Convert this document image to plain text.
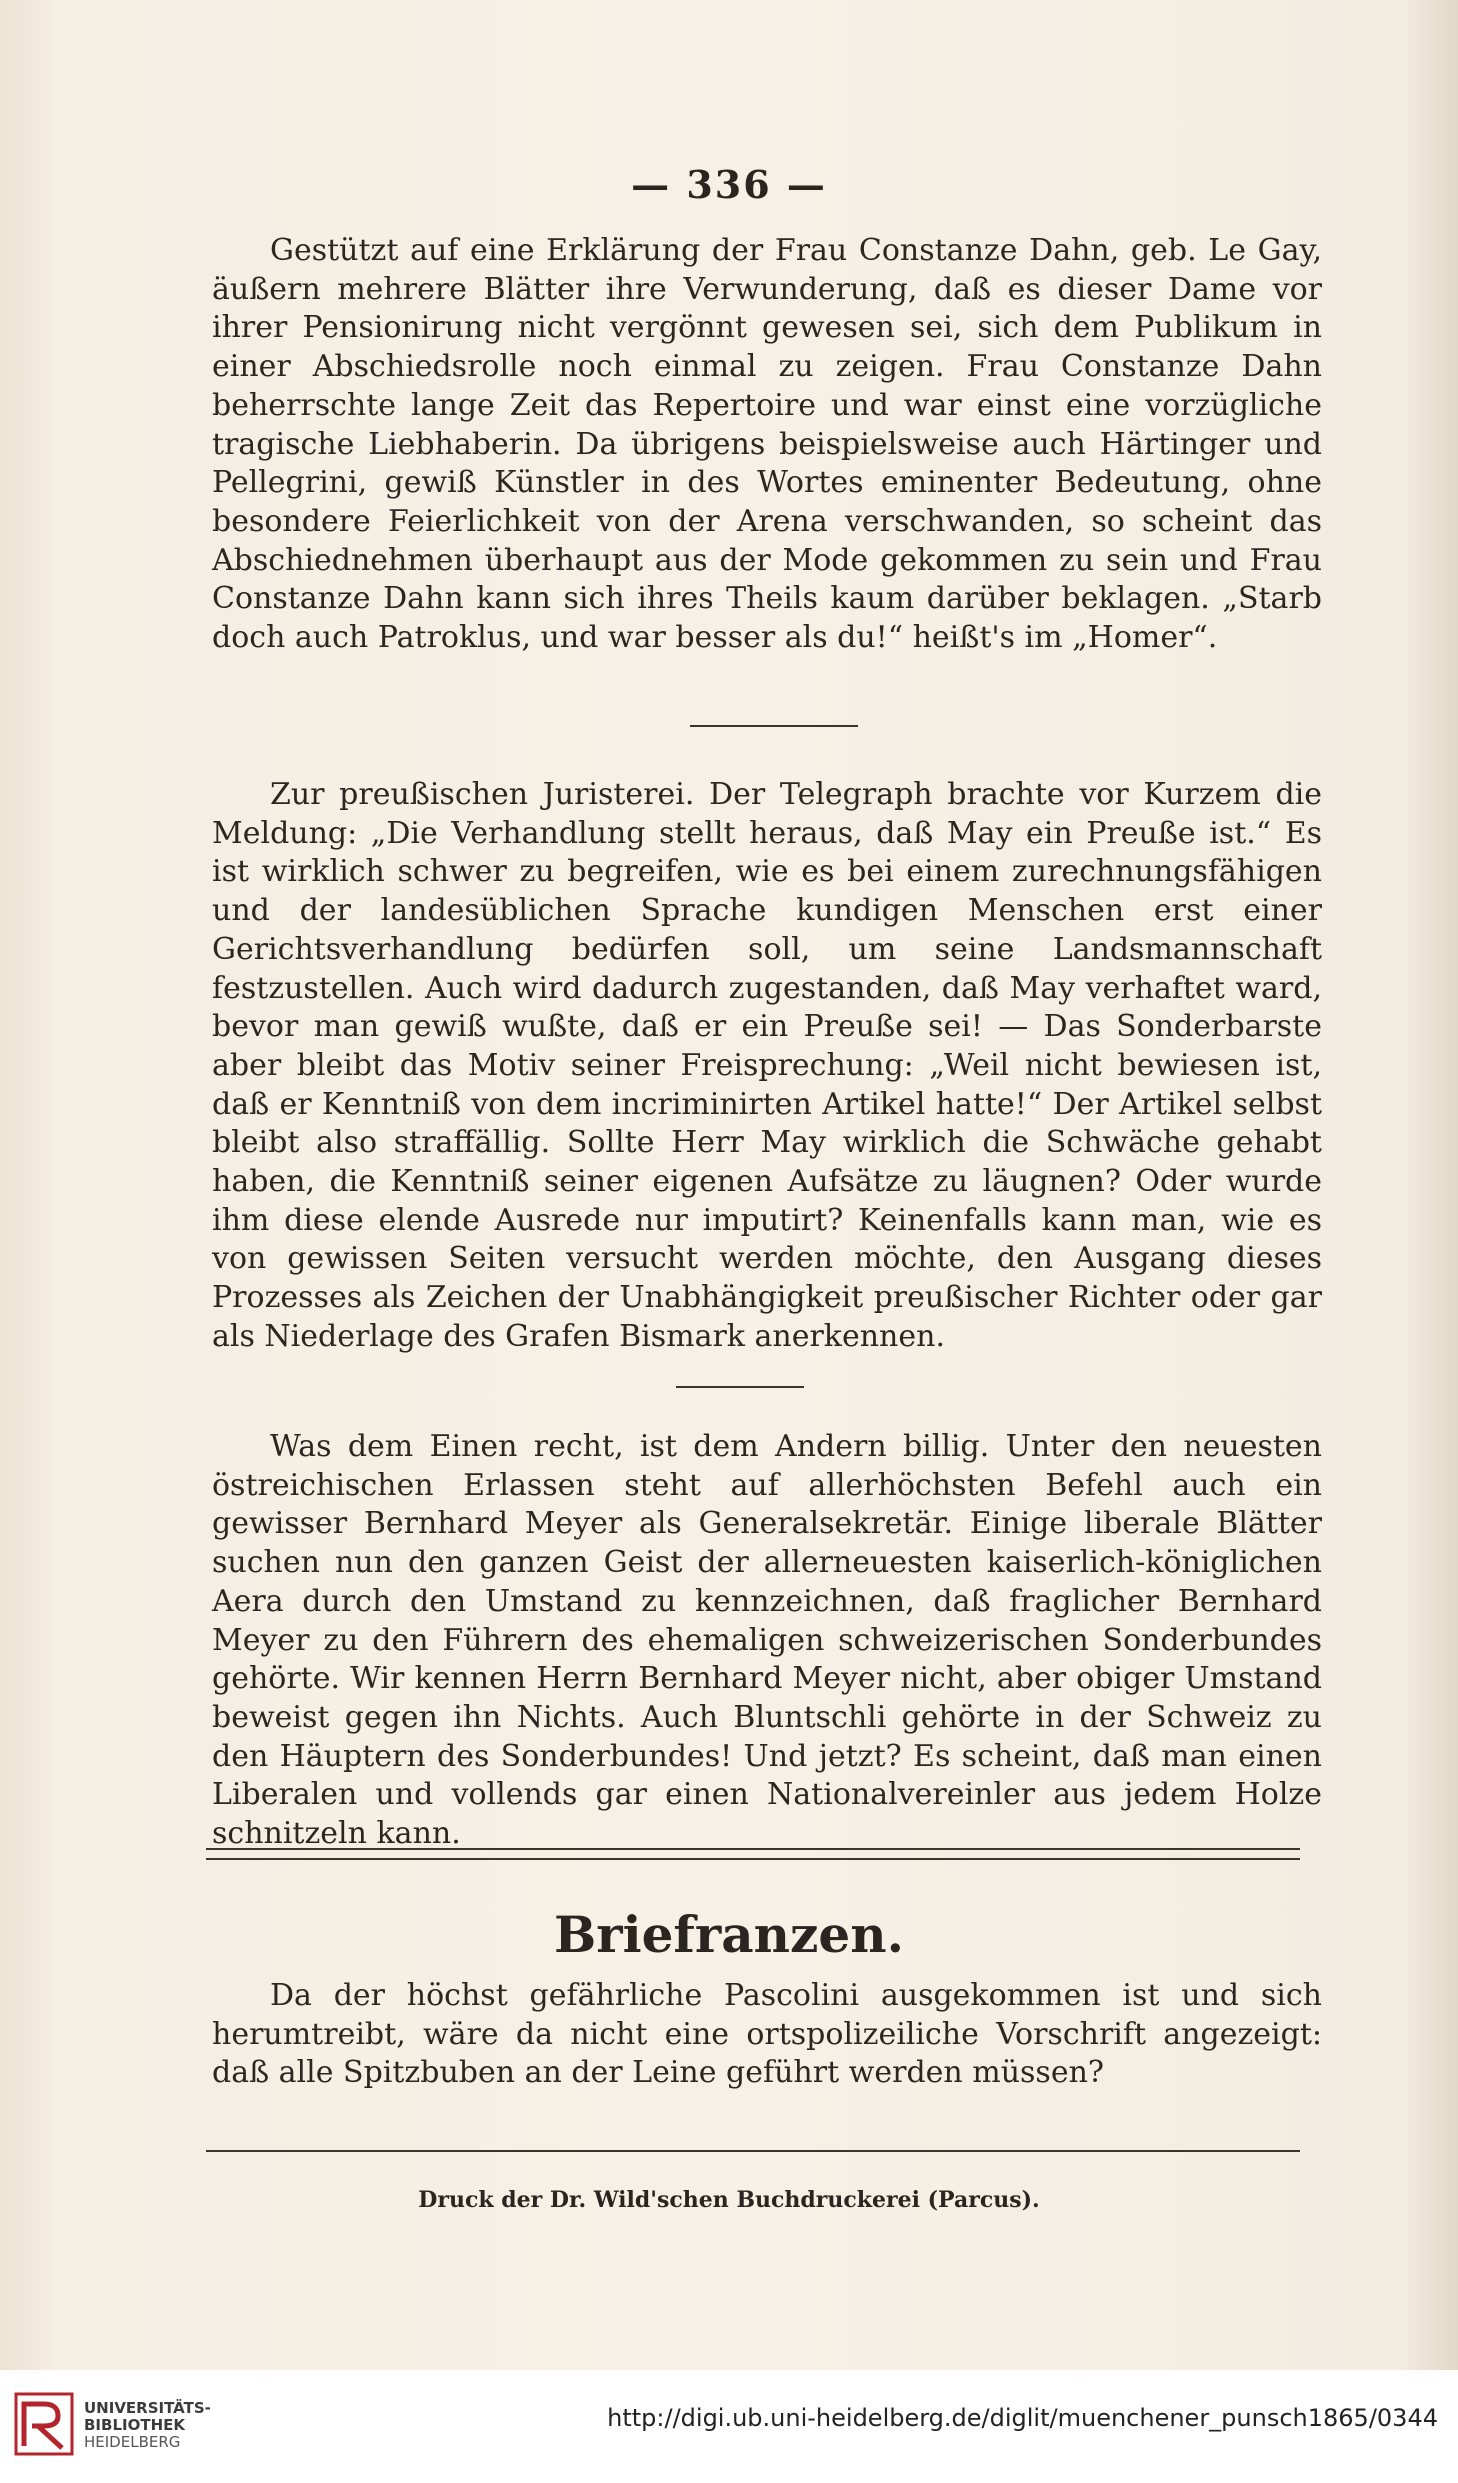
— 336 —

Gestützt auf eine Erklärung der Frau Constanze Dahn, geb. Le Gay, äußern mehrere Blätter ihre Verwunderung, daß es dieser Dame vor ihrer Pensionirung nicht vergönnt gewesen sei, sich dem Publikum in einer Abschiedsrolle noch einmal zu zeigen. Frau Constanze Dahn beherrschte lange Zeit das Repertoire und war einst eine vorzügliche tragische Liebhaberin. Da übrigens beispielsweise auch Härtinger und Pellegrini, gewiß Künstler in des Wortes eminenter Bedeutung, ohne besondere Feierlichkeit von der Arena verschwanden, so scheint das Abschiednehmen überhaupt aus der Mode gekommen zu sein und Frau Constanze Dahn kann sich ihres Theils kaum darüber beklagen. „Starb doch auch Patroklus, und war besser als du!“ heißt's im „Homer“.

Zur preußischen Juristerei. Der Telegraph brachte vor Kurzem die Meldung: „Die Verhandlung stellt heraus, daß May ein Preuße ist.“ Es ist wirklich schwer zu begreifen, wie es bei einem zurechnungsfähigen und der landesüblichen Sprache kundigen Menschen erst einer Gerichtsverhandlung bedürfen soll, um seine Landsmannschaft festzustellen. Auch wird dadurch zugestanden, daß May verhaftet ward, bevor man gewiß wußte, daß er ein Preuße sei! — Das Sonderbarste aber bleibt das Motiv seiner Freisprechung: „Weil nicht bewiesen ist, daß er Kenntniß von dem incriminirten Artikel hatte!“ Der Artikel selbst bleibt also straffällig. Sollte Herr May wirklich die Schwäche gehabt haben, die Kenntniß seiner eigenen Aufsätze zu läugnen? Oder wurde ihm diese elende Ausrede nur imputirt? Keinenfalls kann man, wie es von gewissen Seiten versucht werden möchte, den Ausgang dieses Prozesses als Zeichen der Unabhängigkeit preußischer Richter oder gar als Niederlage des Grafen Bismark anerkennen.

Was dem Einen recht, ist dem Andern billig. Unter den neuesten östreichischen Erlassen steht auf allerhöchsten Befehl auch ein gewisser Bernhard Meyer als Generalsekretär. Einige liberale Blätter suchen nun den ganzen Geist der allerneuesten kaiserlich-königlichen Aera durch den Umstand zu kennzeichnen, daß fraglicher Bernhard Meyer zu den Führern des ehemaligen schweizerischen Sonderbundes gehörte. Wir kennen Herrn Bernhard Meyer nicht, aber obiger Umstand beweist gegen ihn Nichts. Auch Bluntschli gehörte in der Schweiz zu den Häuptern des Sonderbundes! Und jetzt? Es scheint, daß man einen Liberalen und vollends gar einen Nationalvereinler aus jedem Holze schnitzeln kann.

Briefranzen.

Da der höchst gefährliche Pascolini ausgekommen ist und sich herumtreibt, wäre da nicht eine ortspolizeiliche Vorschrift angezeigt: daß alle Spitzbuben an der Leine geführt werden müssen?

Druck der Dr. Wild'schen Buchdruckerei (Parcus).
UNIVERSITÄTS-
BIBLIOTHEK
HEIDELBERG
http://digi.ub.uni-heidelberg.de/diglit/muenchener_punsch1865/0344
